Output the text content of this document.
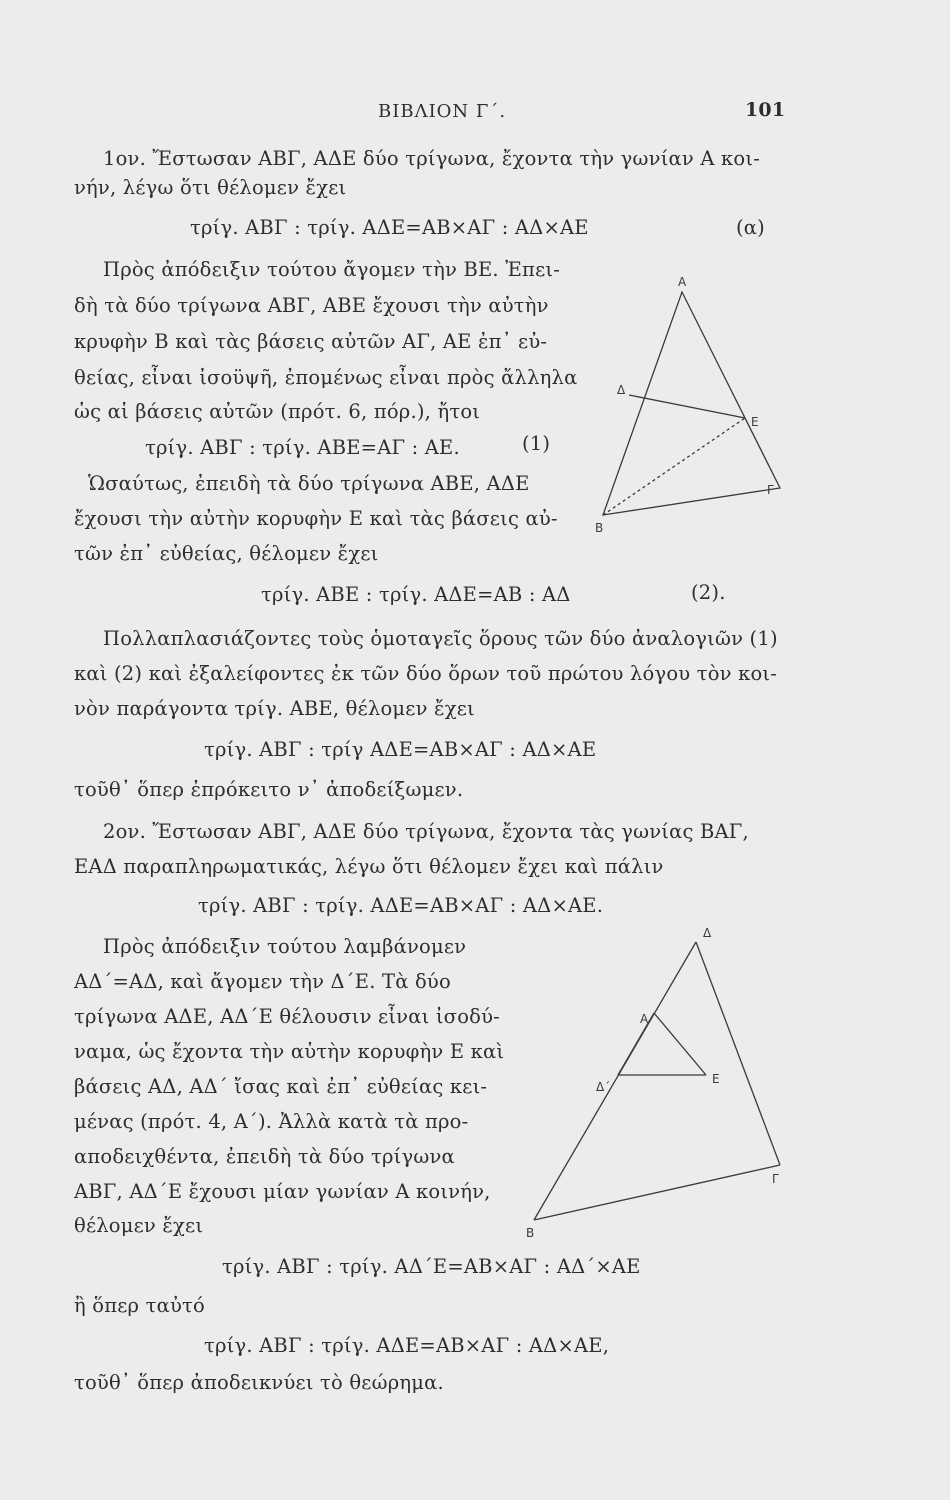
ΒΙΒΛΙΟΝ Γ΄.	101
1ον. Ἔστωσαν ΑΒΓ, ΑΔΕ δύο τρίγωνα, ἔχοντα τὴν γωνίαν Α κοι-
νήν, λέγω ὅτι θέλομεν ἔχει
τρίγ. ΑΒΓ : τρίγ. ΑΔΕ=ΑΒ×ΑΓ : ΑΔ×ΑΕ	(α)
Πρὸς ἀπόδειξιν τούτου ἄγομεν τὴν ΒΕ. Ἐπει-
δὴ τὰ δύο τρίγωνα ΑΒΓ, ΑΒΕ ἔχουσι τὴν αὐτὴν
κρυφὴν Β καὶ τὰς βάσεις αὐτῶν ΑΓ, ΑΕ ἐπ᾽ εὐ-
θείας, εἶναι ἰσοϋψῆ, ἐπομένως εἶναι πρὸς ἄλληλα
ὡς αἱ βάσεις αὐτῶν (πρότ. 6, πόρ.), ἤτοι
τρίγ. ΑΒΓ : τρίγ. ΑΒΕ=ΑΓ : ΑΕ.	(1)
Ὡσαύτως, ἐπειδὴ τὰ δύο τρίγωνα ΑΒΕ, ΑΔΕ
ἔχουσι τὴν αὐτὴν κορυφὴν Ε καὶ τὰς βάσεις αὐ-
τῶν ἐπ᾽ εὐθείας, θέλομεν ἔχει
τρίγ. ΑΒΕ : τρίγ. ΑΔΕ=ΑΒ : ΑΔ	(2).
Πολλαπλασιάζοντες τοὺς ὁμοταγεῖς ὅρους τῶν δύο ἀναλογιῶν (1)
καὶ (2) καὶ ἐξαλείφοντες ἐκ τῶν δύο ὅρων τοῦ πρώτου λόγου τὸν κοι-
νὸν παράγοντα τρίγ. ΑΒΕ, θέλομεν ἔχει
τρίγ. ΑΒΓ : τρίγ ΑΔΕ=ΑΒ×ΑΓ : ΑΔ×ΑΕ
τοῦθ᾽ ὅπερ ἐπρόκειτο ν᾽ ἀποδείξωμεν.
2ον. Ἔστωσαν ΑΒΓ, ΑΔΕ δύο τρίγωνα, ἔχοντα τὰς γωνίας ΒΑΓ,
ΕΑΔ παραπληρωματικάς, λέγω ὅτι θέλομεν ἔχει καὶ πάλιν
τρίγ. ΑΒΓ : τρίγ. ΑΔΕ=ΑΒ×ΑΓ : ΑΔ×ΑΕ.
Πρὸς ἀπόδειξιν τούτου λαμβάνομεν
ΑΔ΄=ΑΔ, καὶ ἄγομεν τὴν Δ΄Ε. Τὰ δύο
τρίγωνα ΑΔΕ, ΑΔ΄Ε θέλουσιν εἶναι ἰσοδύ-
ναμα, ὡς ἔχοντα τὴν αὐτὴν κορυφὴν Ε καὶ
βάσεις ΑΔ, ΑΔ΄ ἴσας καὶ ἐπ᾽ εὐθείας κει-
μένας (πρότ. 4, Α΄). Ἀλλὰ κατὰ τὰ προ-
αποδειχθέντα, ἐπειδὴ τὰ δύο τρίγωνα
ΑΒΓ, ΑΔ΄Ε ἔχουσι μίαν γωνίαν Α κοινήν,
θέλομεν ἔχει
τρίγ. ΑΒΓ : τρίγ. ΑΔ΄Ε=ΑΒ×ΑΓ : ΑΔ΄×ΑΕ
ἢ ὅπερ ταὐτό
τρίγ. ΑΒΓ : τρίγ. ΑΔΕ=ΑΒ×ΑΓ : ΑΔ×ΑΕ,
τοῦθ᾽ ὅπερ ἀποδεικνύει τὸ θεώρημα.
Α
Δ
Ε
Γ
Β
Δ
Α
Δ΄
Ε
Γ
Β
